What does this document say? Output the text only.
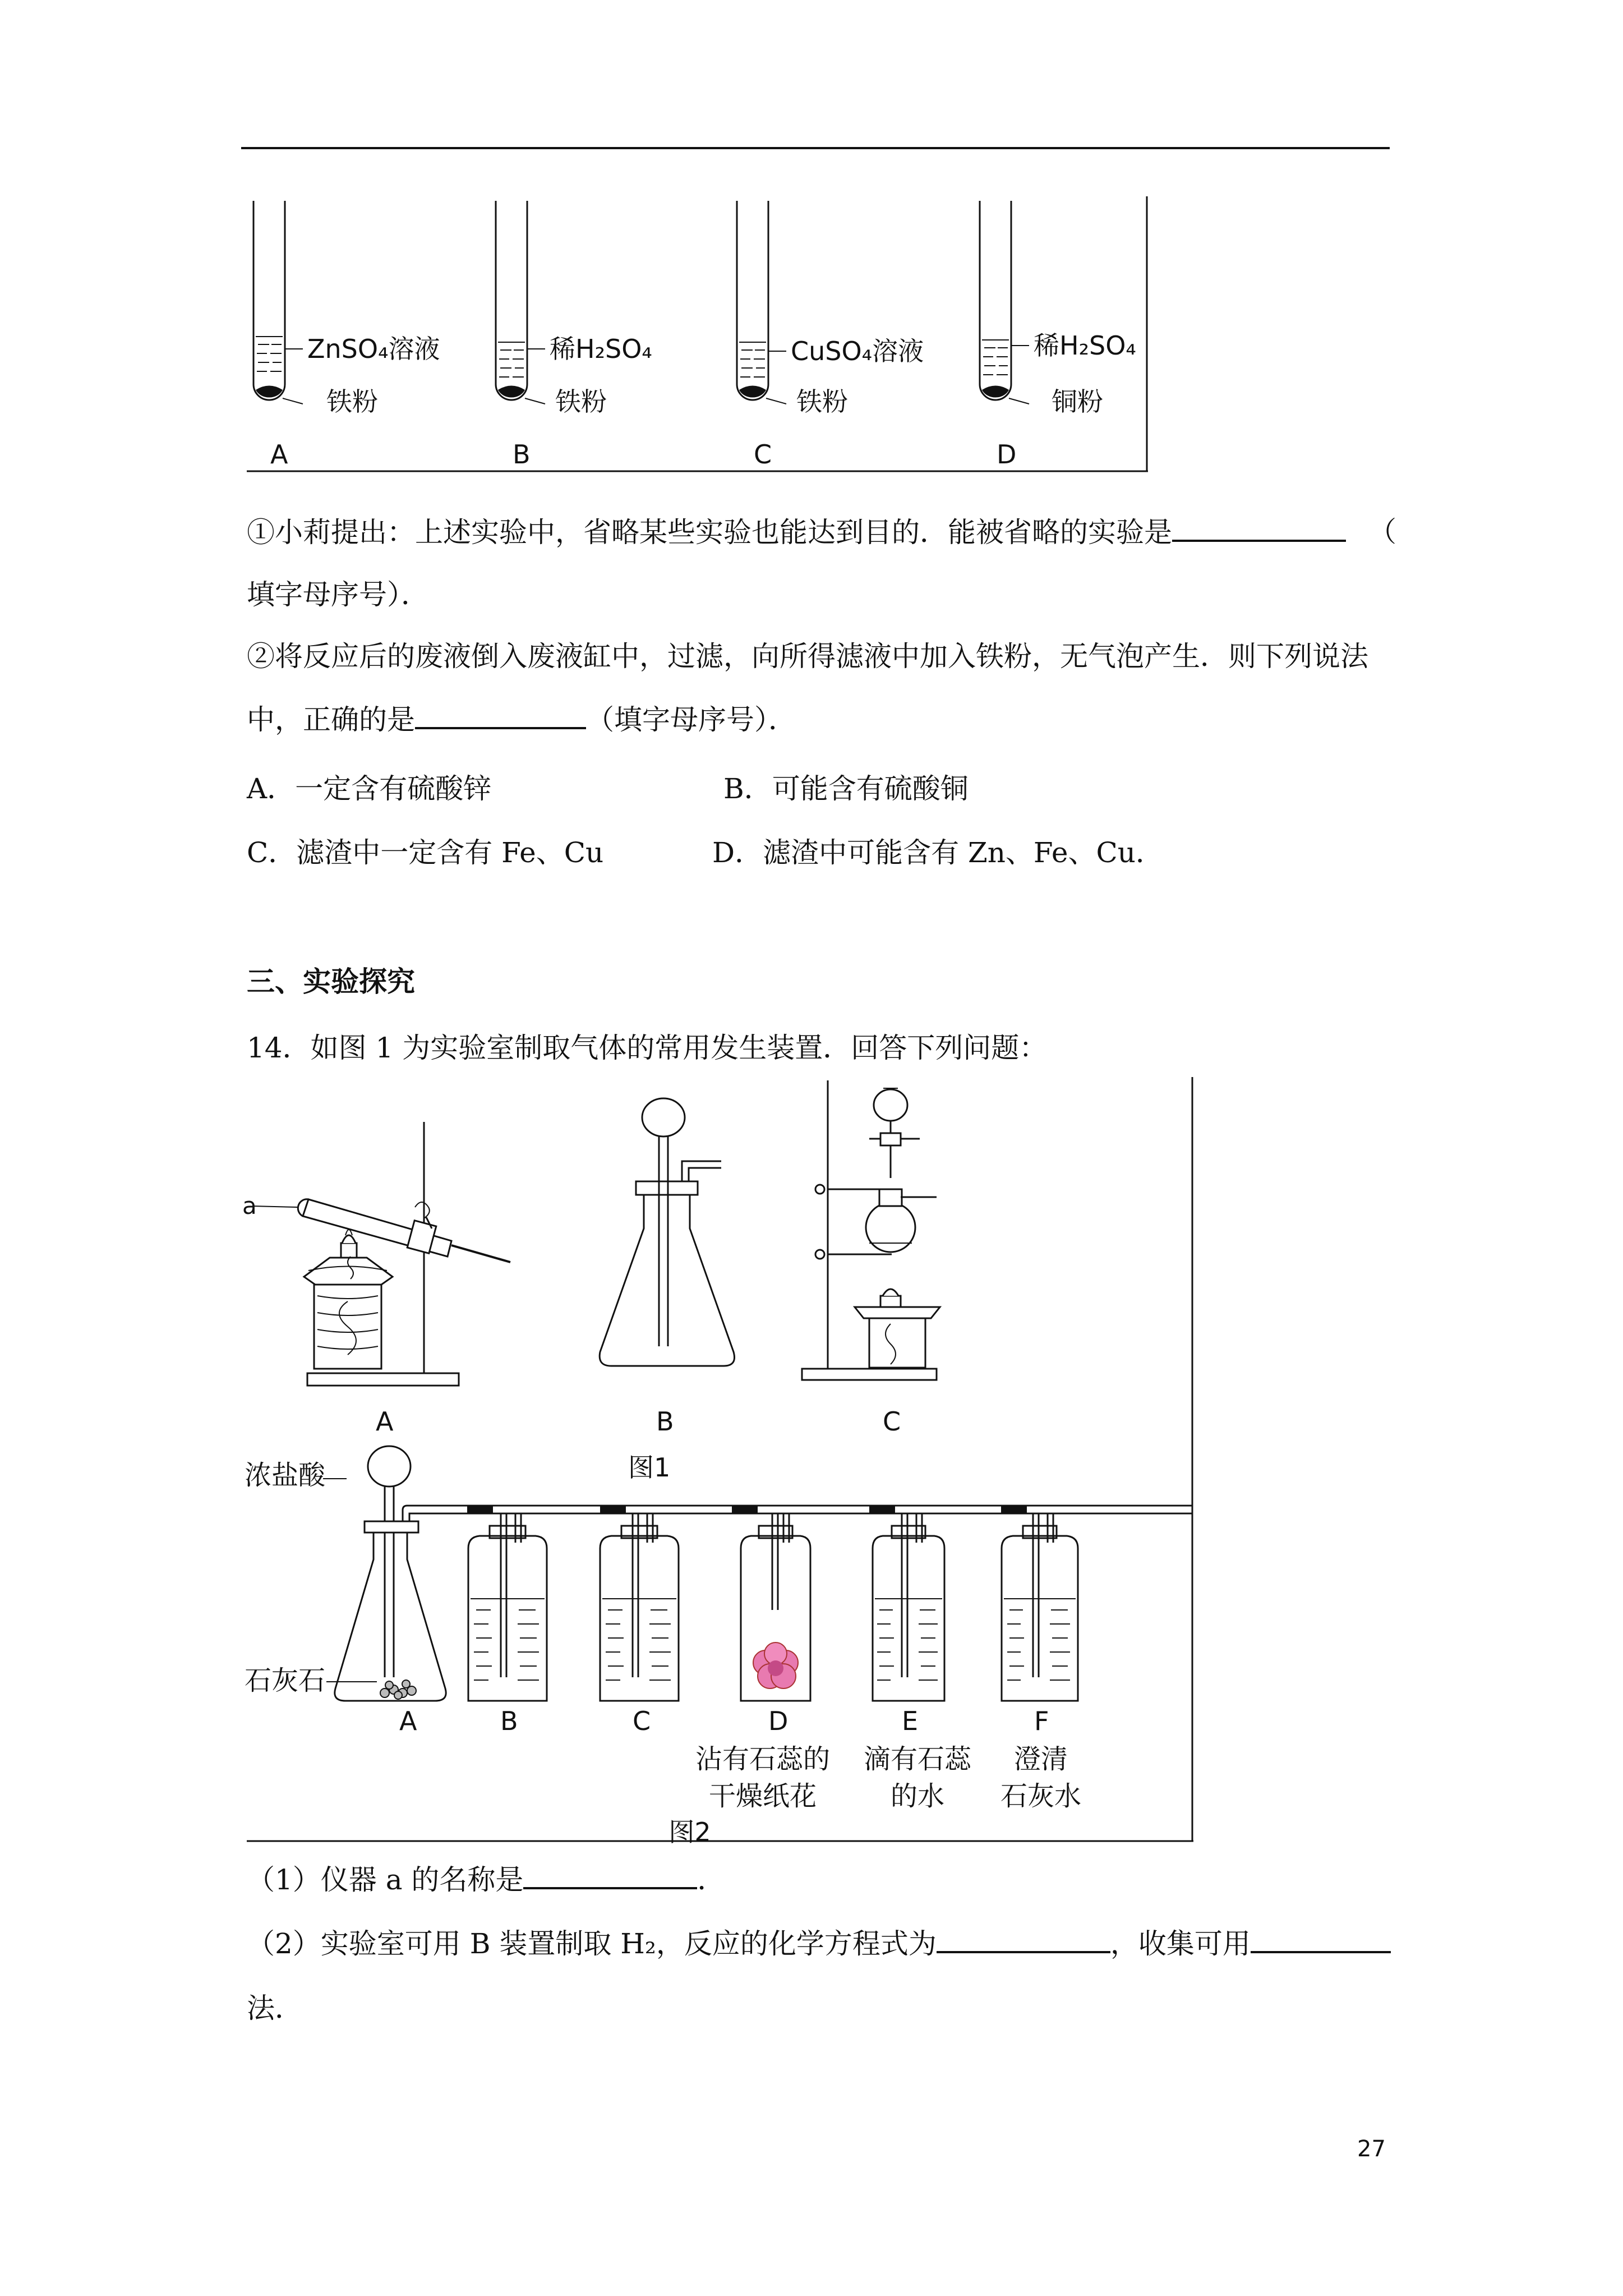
ZnSO₄溶液
铁粉
A
稀H₂SO₄
铁粉
B
CuSO₄溶液
铁粉
C
稀H₂SO₄
铜粉
D
①小莉提出：上述实验中，省略某些实验也能达到目的．能被省略的实验是	（
填字母序号）．
②将反应后的废液倒入废液缸中，过滤，向所得滤液中加入铁粉，无气泡产生．则下列说法
中，正确的是	（填字母序号）．
A．一定含有硫酸锌	B．可能含有硫酸铜
C．滤渣中一定含有 Fe、Cu	D．滤渣中可能含有 Zn、Fe、Cu．
三、实验探究
14．如图 1 为实验室制取气体的常用发生装置．回答下列问题：
a
A	B	C
图1
浓盐酸
石灰石
A	B	C	D	E	F
沾有石蕊的
干燥纸花
滴有石蕊
的水
澄清
石灰水
图2
（1）仪器 a 的名称是	．
（2）实验室可用 B 装置制取 H₂，反应的化学方程式为	，收集可用
法．
27
